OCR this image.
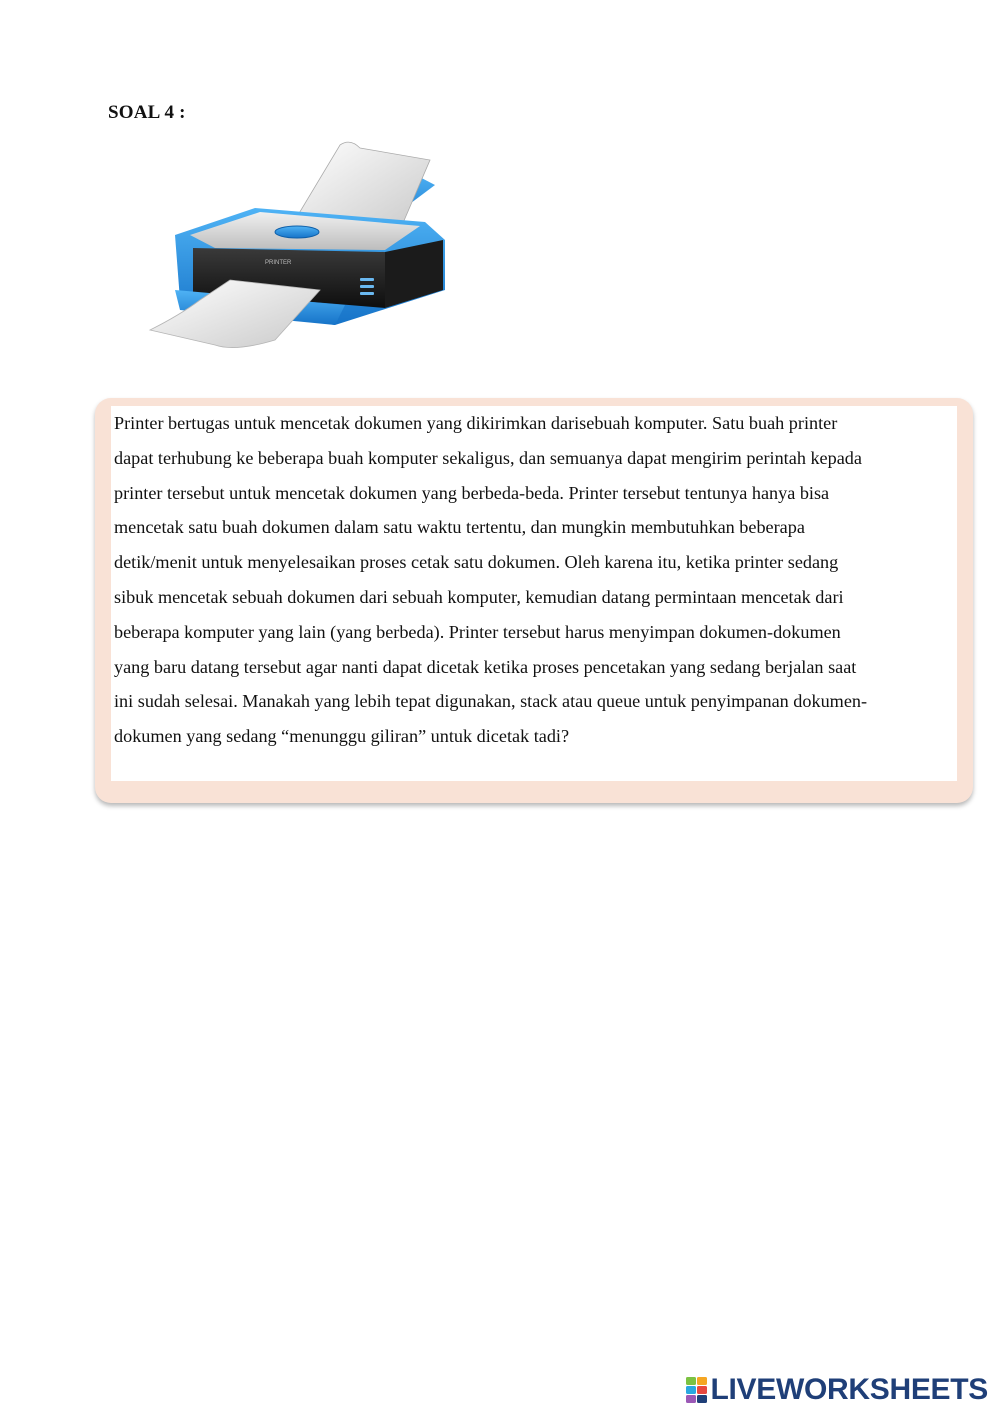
SOAL 4 :
PRINTER
Printer bertugas untuk mencetak dokumen yang dikirimkan darisebuah komputer. Satu buah printer
dapat terhubung ke beberapa buah komputer sekaligus, dan semuanya dapat mengirim perintah kepada
printer tersebut untuk mencetak dokumen yang berbeda-beda. Printer tersebut tentunya hanya bisa
mencetak satu buah dokumen dalam satu waktu tertentu, dan mungkin membutuhkan beberapa
detik/menit untuk menyelesaikan proses cetak satu dokumen. Oleh karena itu, ketika printer sedang
sibuk mencetak sebuah dokumen dari sebuah komputer, kemudian datang permintaan mencetak dari
beberapa komputer yang lain (yang berbeda). Printer tersebut harus menyimpan dokumen-dokumen
yang baru datang tersebut agar nanti dapat dicetak ketika proses pencetakan yang sedang berjalan saat
ini sudah selesai. Manakah yang lebih tepat digunakan, stack atau queue untuk penyimpanan dokumen-
dokumen yang sedang “menunggu giliran” untuk dicetak tadi?
LIVEWORKSHEETS
